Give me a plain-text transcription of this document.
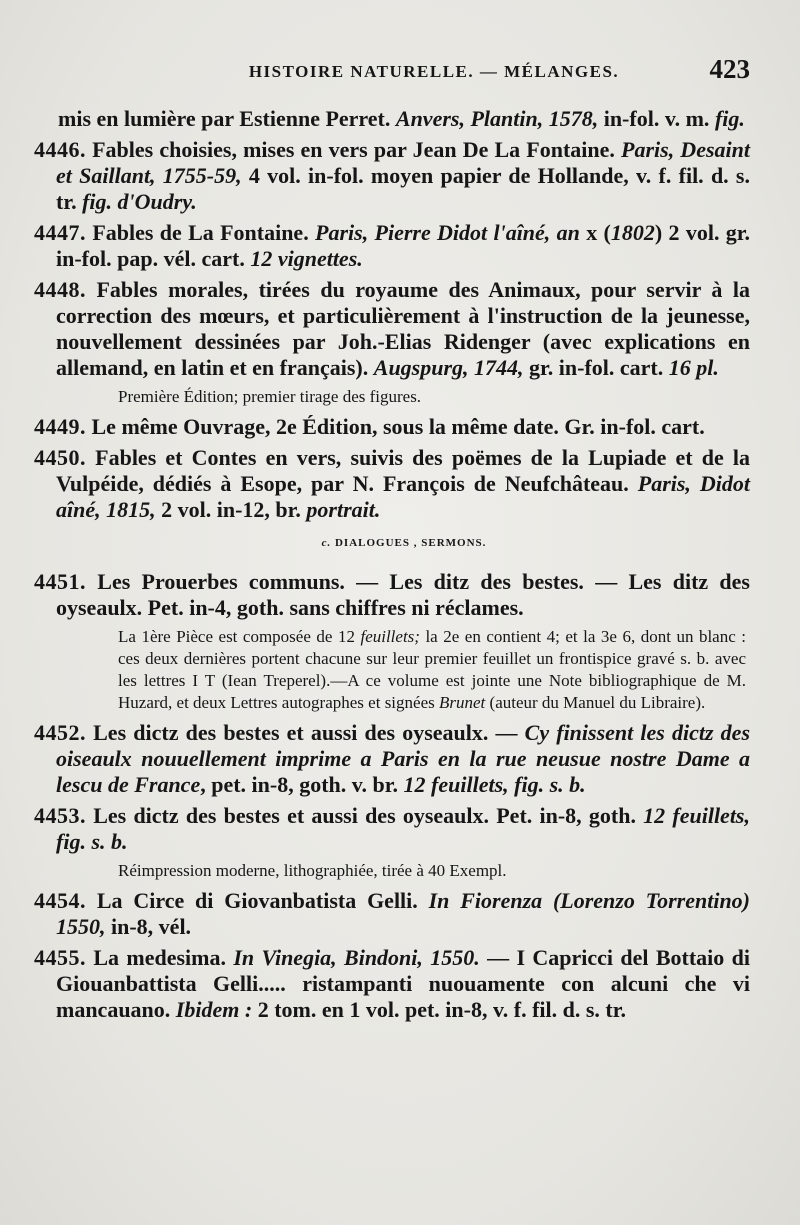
HISTOIRE NATURELLE. — MÉLANGES.	423

mis en lumière par Estienne Perret. Anvers, Plantin, 1578, in-fol. v. m. fig.

4446. Fables choisies, mises en vers par Jean De La Fontaine. Paris, Desaint et Saillant, 1755-59, 4 vol. in-fol. moyen papier de Hollande, v. f. fil. d. s. tr. fig. d'Oudry.

4447. Fables de La Fontaine. Paris, Pierre Didot l'aîné, an x (1802) 2 vol. gr. in-fol. pap. vél. cart. 12 vignettes.

4448. Fables morales, tirées du royaume des Animaux, pour servir à la correction des mœurs, et particulièrement à l'instruction de la jeunesse, nouvellement dessinées par Joh.-Elias Ridenger (avec explications en allemand, en latin et en français). Augspurg, 1744, gr. in-fol. cart. 16 pl.

Première Édition; premier tirage des figures.

4449. Le même Ouvrage, 2e Édition, sous la même date. Gr. in-fol. cart.

4450. Fables et Contes en vers, suivis des poëmes de la Lupiade et de la Vulpéide, dédiés à Esope, par N. François de Neufchâteau. Paris, Didot aîné, 1815, 2 vol. in-12, br. portrait.

c. DIALOGUES , SERMONS.

4451. Les Prouerbes communs. — Les ditz des bestes. — Les ditz des oyseaulx. Pet. in-4, goth. sans chiffres ni réclames.

La 1ère Pièce est composée de 12 feuillets; la 2e en contient 4; et la 3e 6, dont un blanc : ces deux dernières portent chacune sur leur premier feuillet un frontispice gravé s. b. avec les lettres I T (Iean Treperel).—A ce volume est jointe une Note bibliographique de M. Huzard, et deux Lettres autographes et signées Brunet (auteur du Manuel du Libraire).

4452. Les dictz des bestes et aussi des oyseaulx. — Cy finissent les dictz des oiseaulx nouuellement imprime a Paris en la rue neusue nostre Dame a lescu de France, pet. in-8, goth. v. br. 12 feuillets, fig. s. b.

4453. Les dictz des bestes et aussi des oyseaulx. Pet. in-8, goth. 12 feuillets, fig. s. b.

Réimpression moderne, lithographiée, tirée à 40 Exempl.

4454. La Circe di Giovanbatista Gelli. In Fiorenza (Lorenzo Torrentino) 1550, in-8, vél.

4455. La medesima. In Vinegia, Bindoni, 1550. — I Capricci del Bottaio di Giouanbattista Gelli..... ristampanti nuouamente con alcuni che vi mancauano. Ibidem : 2 tom. en 1 vol. pet. in-8, v. f. fil. d. s. tr.
